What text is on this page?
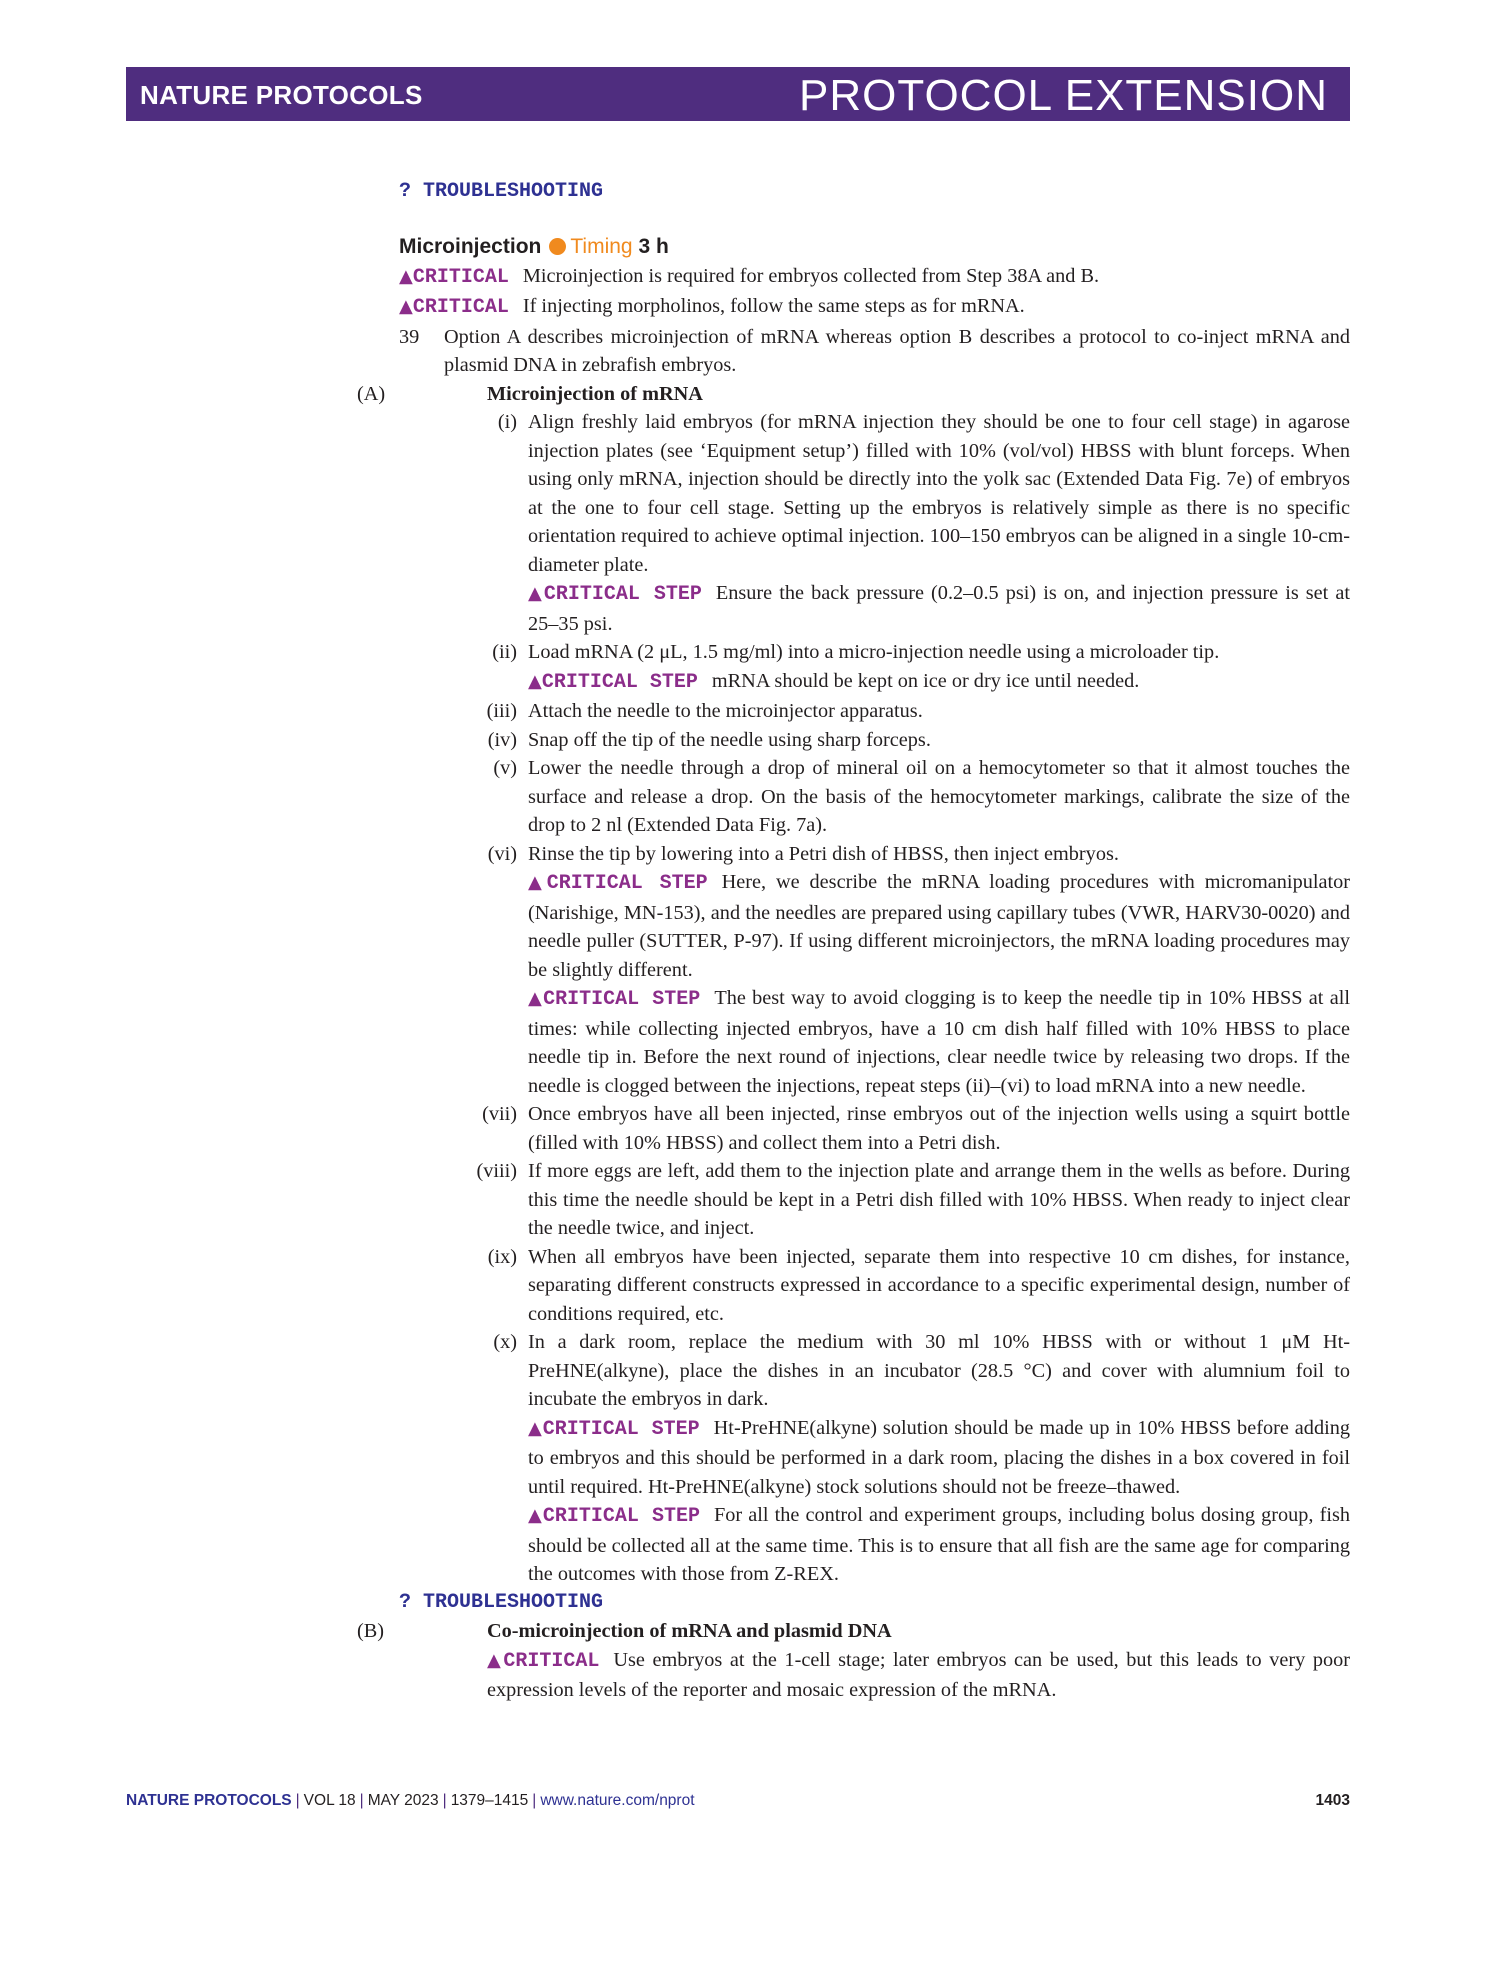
NATURE PROTOCOLS	PROTOCOL EXTENSION
? TROUBLESHOOTING
Microinjection Timing 3 h
▲CRITICAL Microinjection is required for embryos collected from Step 38A and B.
▲CRITICAL If injecting morpholinos, follow the same steps as for mRNA.
39 Option A describes microinjection of mRNA whereas option B describes a protocol to co-inject mRNA and plasmid DNA in zebrafish embryos.
(A)	Microinjection of mRNA
(i) Align freshly laid embryos (for mRNA injection they should be one to four cell stage) in agarose injection plates (see ‘Equipment setup’) filled with 10% (vol/vol) HBSS with blunt forceps. When using only mRNA, injection should be directly into the yolk sac (Extended Data Fig. 7e) of embryos at the one to four cell stage. Setting up the embryos is relatively simple as there is no specific orientation required to achieve optimal injection. 100–150 embryos can be aligned in a single 10-cm-diameter plate.
▲CRITICAL STEP Ensure the back pressure (0.2–0.5 psi) is on, and injection pressure is set at 25–35 psi.
(ii) Load mRNA (2 μL, 1.5 mg/ml) into a micro-injection needle using a microloader tip.
▲CRITICAL STEP mRNA should be kept on ice or dry ice until needed.
(iii) Attach the needle to the microinjector apparatus.
(iv) Snap off the tip of the needle using sharp forceps.
(v) Lower the needle through a drop of mineral oil on a hemocytometer so that it almost touches the surface and release a drop. On the basis of the hemocytometer markings, calibrate the size of the drop to 2 nl (Extended Data Fig. 7a).
(vi) Rinse the tip by lowering into a Petri dish of HBSS, then inject embryos.
▲CRITICAL STEP Here, we describe the mRNA loading procedures with micromanipulator (Narishige, MN-153), and the needles are prepared using capillary tubes (VWR, HARV30-0020) and needle puller (SUTTER, P-97). If using different microinjectors, the mRNA loading procedures may be slightly different.
▲CRITICAL STEP The best way to avoid clogging is to keep the needle tip in 10% HBSS at all times: while collecting injected embryos, have a 10 cm dish half filled with 10% HBSS to place needle tip in. Before the next round of injections, clear needle twice by releasing two drops. If the needle is clogged between the injections, repeat steps (ii)–(vi) to load mRNA into a new needle.
(vii) Once embryos have all been injected, rinse embryos out of the injection wells using a squirt bottle (filled with 10% HBSS) and collect them into a Petri dish.
(viii) If more eggs are left, add them to the injection plate and arrange them in the wells as before. During this time the needle should be kept in a Petri dish filled with 10% HBSS. When ready to inject clear the needle twice, and inject.
(ix) When all embryos have been injected, separate them into respective 10 cm dishes, for instance, separating different constructs expressed in accordance to a specific experimental design, number of conditions required, etc.
(x) In a dark room, replace the medium with 30 ml 10% HBSS with or without 1 μM Ht-PreHNE(alkyne), place the dishes in an incubator (28.5 °C) and cover with alumnium foil to incubate the embryos in dark.
▲CRITICAL STEP Ht-PreHNE(alkyne) solution should be made up in 10% HBSS before adding to embryos and this should be performed in a dark room, placing the dishes in a box covered in foil until required. Ht-PreHNE(alkyne) stock solutions should not be freeze–thawed.
▲CRITICAL STEP For all the control and experiment groups, including bolus dosing group, fish should be collected all at the same time. This is to ensure that all fish are the same age for comparing the outcomes with those from Z-REX.
? TROUBLESHOOTING
(B)	Co-microinjection of mRNA and plasmid DNA
▲CRITICAL Use embryos at the 1-cell stage; later embryos can be used, but this leads to very poor expression levels of the reporter and mosaic expression of the mRNA.
NATURE PROTOCOLS | VOL 18 | MAY 2023 | 1379–1415 | www.nature.com/nprot	1403
